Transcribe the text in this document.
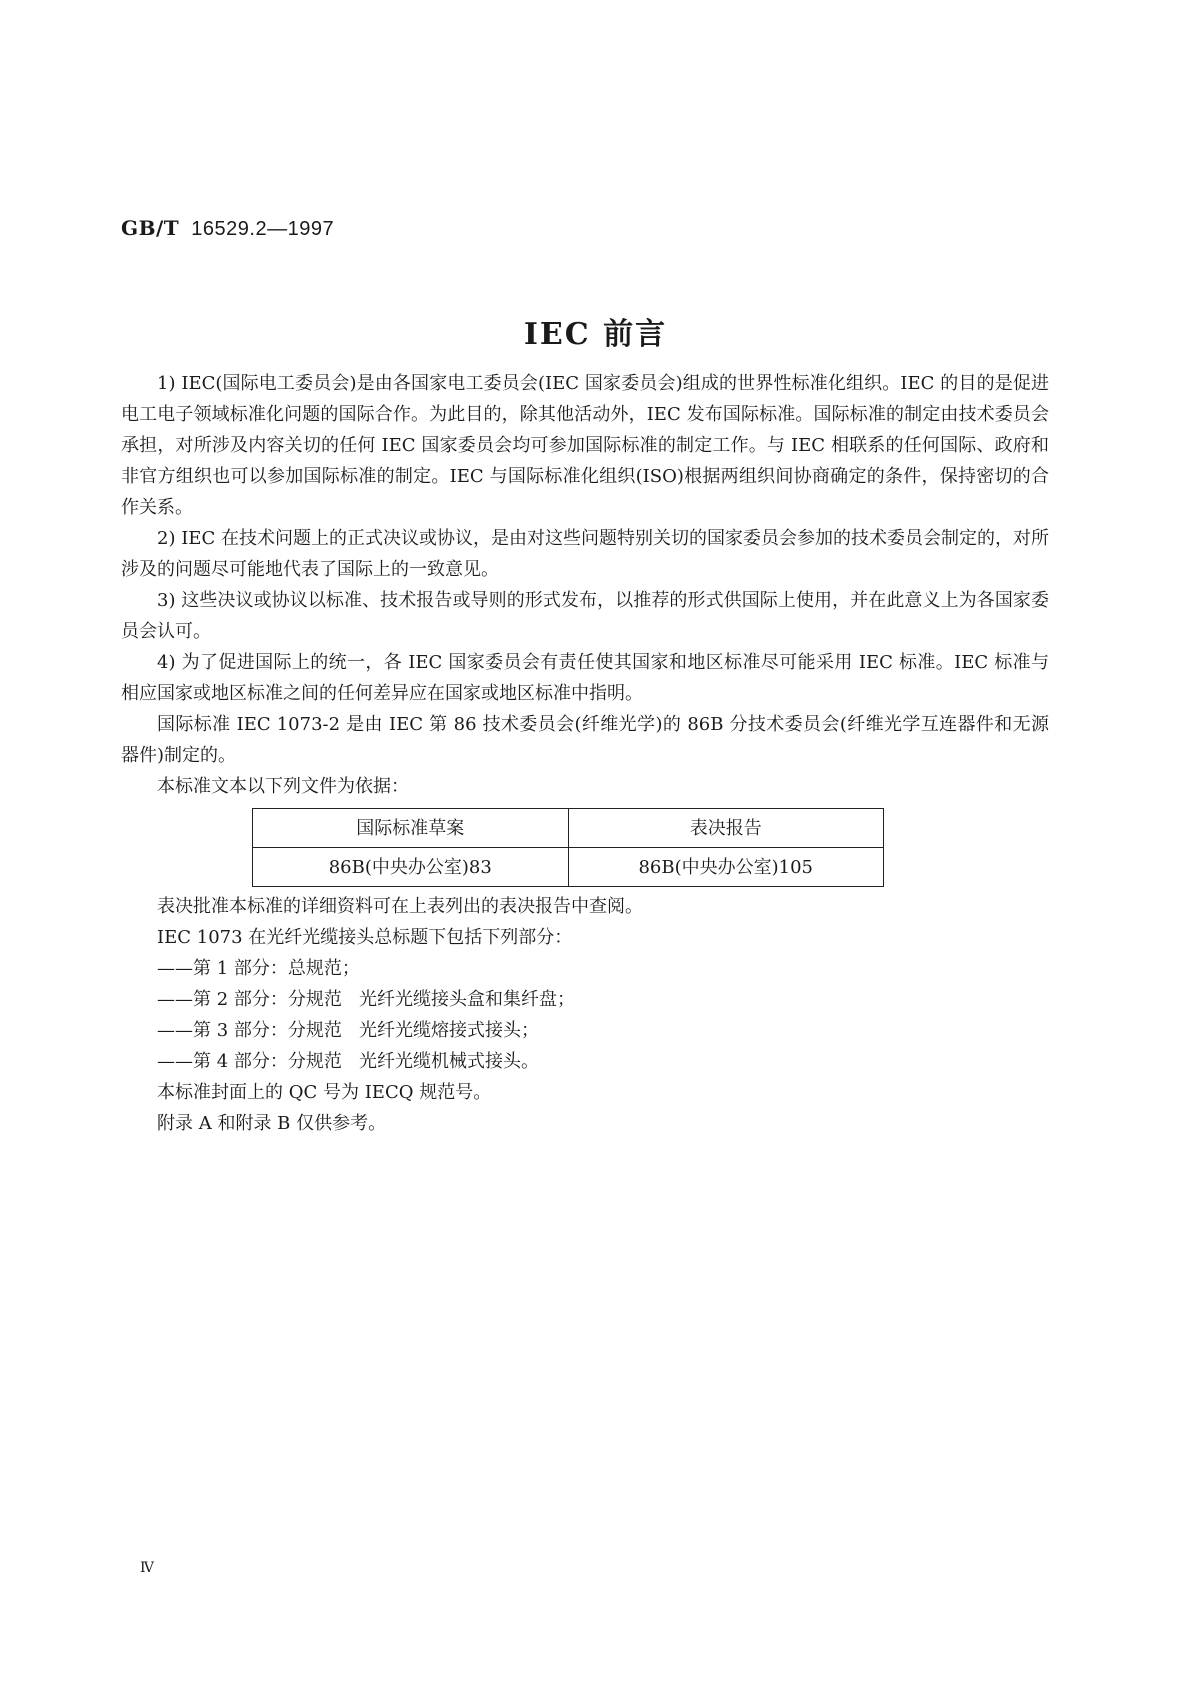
GB/T 16529.2—1997
IEC 前言

1) IEC(国际电工委员会)是由各国家电工委员会(IEC 国家委员会)组成的世界性标准化组织。IEC 的目的是促进电工电子领域标准化问题的国际合作。为此目的，除其他活动外，IEC 发布国际标准。国际标准的制定由技术委员会承担，对所涉及内容关切的任何 IEC 国家委员会均可参加国际标准的制定工作。与 IEC 相联系的任何国际、政府和非官方组织也可以参加国际标准的制定。IEC 与国际标准化组织(ISO)根据两组织间协商确定的条件，保持密切的合作关系。

2) IEC 在技术问题上的正式决议或协议，是由对这些问题特别关切的国家委员会参加的技术委员会制定的，对所涉及的问题尽可能地代表了国际上的一致意见。

3) 这些决议或协议以标准、技术报告或导则的形式发布，以推荐的形式供国际上使用，并在此意义上为各国家委员会认可。

4) 为了促进国际上的统一，各 IEC 国家委员会有责任使其国家和地区标准尽可能采用 IEC 标准。IEC 标准与相应国家或地区标准之间的任何差异应在国家或地区标准中指明。

国际标准 IEC 1073-2 是由 IEC 第 86 技术委员会(纤维光学)的 86B 分技术委员会(纤维光学互连器件和无源器件)制定的。

本标准文本以下列文件为依据：

国际标准草案	表决报告
86B(中央办公室)83	86B(中央办公室)105

表决批准本标准的详细资料可在上表列出的表决报告中查阅。

IEC 1073 在光纤光缆接头总标题下包括下列部分：

——第 1 部分：总规范；

——第 2 部分：分规范   光纤光缆接头盒和集纤盘；

——第 3 部分：分规范   光纤光缆熔接式接头；

——第 4 部分：分规范   光纤光缆机械式接头。

本标准封面上的 QC 号为 IECQ 规范号。

附录 A 和附录 B 仅供参考。

Ⅳ
